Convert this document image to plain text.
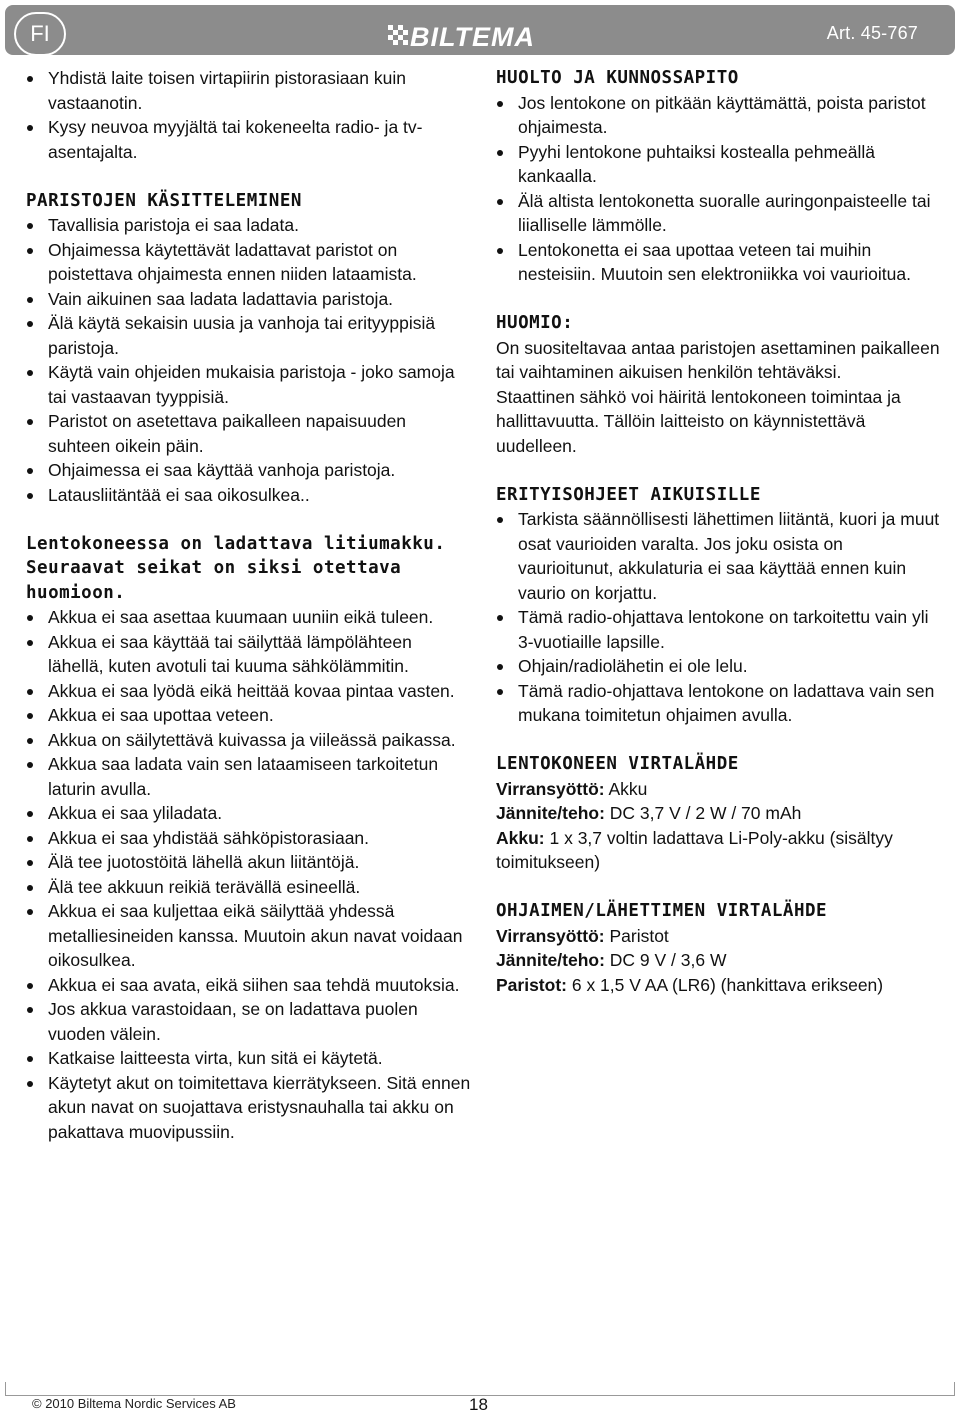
FI	BILTEMA	Art. 45-767
Yhdistä laite toisen virtapiirin pistorasiaan kuin vastaanotin.
Kysy neuvoa myyjältä tai kokeneelta radio- ja tv-asentajalta.
PARISTOJEN KÄSITTELEMINEN
Tavallisia paristoja ei saa ladata.
Ohjaimessa käytettävät ladattavat paristot on poistettava ohjaimesta ennen niiden lataamista.
Vain aikuinen saa ladata ladattavia paristoja.
Älä käytä sekaisin uusia ja vanhoja tai erityyppisiä paristoja.
Käytä vain ohjeiden mukaisia paristoja - joko samoja tai vastaavan tyyppisiä.
Paristot on asetettava paikalleen napaisuuden suhteen oikein päin.
Ohjaimessa ei saa käyttää vanhoja paristoja.
Latausliitäntää ei saa oikosulkea..
Lentokoneessa on ladattava litiumakku. Seuraavat seikat on siksi otettava huomioon.
Akkua ei saa asettaa kuumaan uuniin eikä tuleen.
Akkua ei saa käyttää tai säilyttää lämpölähteen lähellä, kuten avotuli tai kuuma sähkölämmitin.
Akkua ei saa lyödä eikä heittää kovaa pintaa vasten.
Akkua ei saa upottaa veteen.
Akkua on säilytettävä kuivassa ja viileässä paikassa.
Akkua saa ladata vain sen lataamiseen tarkoitetun laturin avulla.
Akkua ei saa yliladata.
Akkua ei saa yhdistää sähköpistorasiaan.
Älä tee juotostöitä lähellä akun liitäntöjä.
Älä tee akkuun reikiä terävällä esineellä.
Akkua ei saa kuljettaa eikä säilyttää yhdessä metalliesineiden kanssa. Muutoin akun navat voidaan oikosulkea.
Akkua ei saa avata, eikä siihen saa tehdä muutoksia.
Jos akkua varastoidaan, se on ladattava puolen vuoden välein.
Katkaise laitteesta virta, kun sitä ei käytetä.
Käytetyt akut on toimitettava kierrätykseen. Sitä ennen akun navat on suojattava eristysnauhalla tai akku on pakattava muovipussiin.
HUOLTO JA KUNNOSSAPITO
Jos lentokone on pitkään käyttämättä, poista paristot ohjaimesta.
Pyyhi lentokone puhtaiksi kostealla pehmeällä kankaalla.
Älä altista lentokonetta suoralle auringonpaisteelle tai liialliselle lämmölle.
Lentokonetta ei saa upottaa veteen tai muihin nesteisiin. Muutoin sen elektroniikka voi vaurioitua.
HUOMIO:

On suositeltavaa antaa paristojen asettaminen paikalleen tai vaihtaminen aikuisen henkilön tehtäväksi.

Staattinen sähkö voi häiritä lentokoneen toimintaa ja hallittavuutta. Tällöin laitteisto on käynnistettävä uudelleen.

ERITYISOHJEET AIKUISILLE
Tarkista säännöllisesti lähettimen liitäntä, kuori ja muut osat vaurioiden varalta. Jos joku osista on vaurioitunut, akkulaturia ei saa käyttää ennen kuin vaurio on korjattu.
Tämä radio-ohjattava lentokone on tarkoitettu vain yli 3-vuotiaille lapsille.
Ohjain/radiolähetin ei ole lelu.
Tämä radio-ohjattava lentokone on ladattava vain sen mukana toimitetun ohjaimen avulla.
LENTOKONEEN VIRTALÄHDE

Virransyöttö: Akku

Jännite/teho: DC 3,7 V / 2 W / 70 mAh

Akku: 1 x 3,7 voltin ladattava Li-Poly-akku (sisältyy toimitukseen)

OHJAIMEN/LÄHETTIMEN VIRTALÄHDE

Virransyöttö: Paristot

Jännite/teho: DC 9 V / 3,6 W

Paristot: 6 x 1,5 V AA (LR6) (hankittava erikseen)

© 2010 Biltema Nordic Services AB	18
